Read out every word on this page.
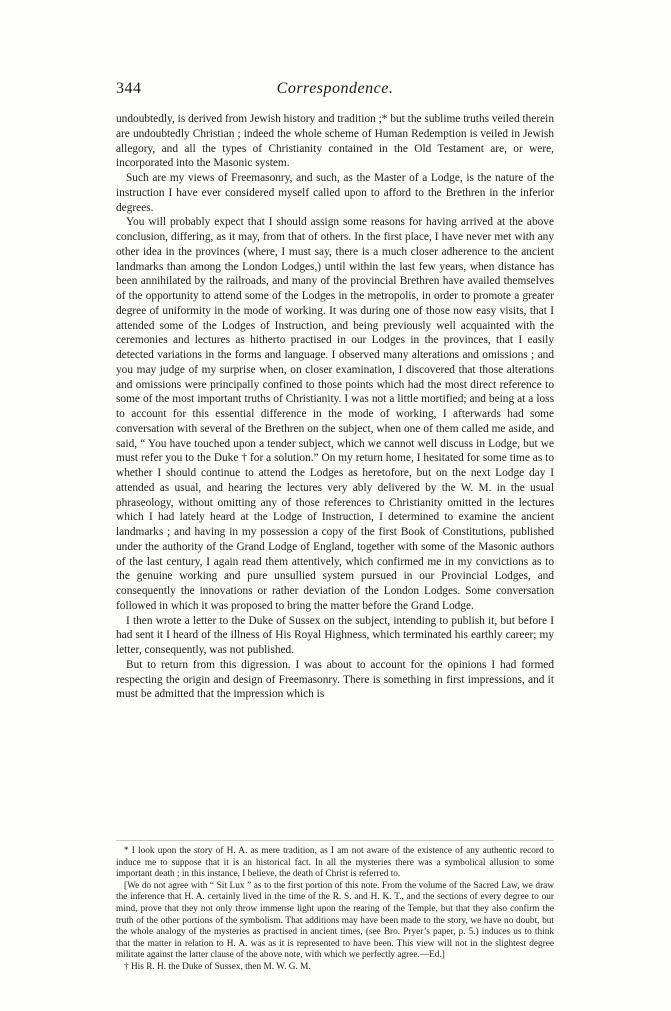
344	Correspondence.

undoubtedly, is derived from Jewish history and tradition ;* but the sublime truths veiled therein are undoubtedly Christian ; indeed the whole scheme of Human Redemption is veiled in Jewish allegory, and all the types of Christianity contained in the Old Testament are, or were, incorporated into the Masonic system.

Such are my views of Freemasonry, and such, as the Master of a Lodge, is the nature of the instruction I have ever considered myself called upon to afford to the Brethren in the inferior degrees.

You will probably expect that I should assign some reasons for having arrived at the above conclusion, differing, as it may, from that of others. In the first place, I have never met with any other idea in the provinces (where, I must say, there is a much closer adherence to the ancient landmarks than among the London Lodges,) until within the last few years, when distance has been annihilated by the railroads, and many of the provincial Brethren have availed themselves of the opportunity to attend some of the Lodges in the metropolis, in order to promote a greater degree of uniformity in the mode of working. It was during one of those now easy visits, that I attended some of the Lodges of Instruction, and being previously well acquainted with the ceremonies and lectures as hitherto practised in our Lodges in the provinces, that I easily detected variations in the forms and language. I observed many alterations and omissions ; and you may judge of my surprise when, on closer examination, I discovered that those alterations and omissions were principally confined to those points which had the most direct reference to some of the most important truths of Christianity. I was not a little mortified; and being at a loss to account for this essential difference in the mode of working, I afterwards had some conversation with several of the Brethren on the subject, when one of them called me aside, and said, “ You have touched upon a tender subject, which we cannot well discuss in Lodge, but we must refer you to the Duke † for a solution.” On my return home, I hesitated for some time as to whether I should continue to attend the Lodges as heretofore, but on the next Lodge day I attended as usual, and hearing the lectures very ably delivered by the W. M. in the usual phraseology, without omitting any of those references to Christianity omitted in the lectures which I had lately heard at the Lodge of Instruction, I determined to examine the ancient landmarks ; and having in my possession a copy of the first Book of Constitutions, published under the authority of the Grand Lodge of England, together with some of the Masonic authors of the last century, I again read them attentively, which confirmed me in my convictions as to the genuine working and pure unsullied system pursued in our Provincial Lodges, and consequently the innovations or rather deviation of the London Lodges. Some conversation followed in which it was proposed to bring the matter before the Grand Lodge.

I then wrote a letter to the Duke of Sussex on the subject, intending to publish it, but before I had sent it I heard of the illness of His Royal Highness, which terminated his earthly career; my letter, consequently, was not published.

But to return from this digression. I was about to account for the opinions I had formed respecting the origin and design of Freemasonry. There is something in first impressions, and it must be admitted that the impression which is

* I look upon the story of H. A. as mere tradition, as I am not aware of the existence of any authentic record to induce me to suppose that it is an historical fact. In all the mysteries there was a symbolical allusion to some important death ; in this instance, I believe, the death of Christ is referred to.

[We do not agree with “ Sit Lux ” as to the first portion of this note. From the volume of the Sacred Law, we draw the inference that H. A. certainly lived in the time of the R. S. and H. K. T., and the sections of every degree to our mind, prove that they not only throw immense light upon the rearing of the Temple, but that they also confirm the truth of the other portions of the symbolism. That additions may have been made to the story, we have no doubt, but the whole analogy of the mysteries as practised in ancient times, (see Bro. Pryer’s paper, p. 5.) induces us to think that the matter in relation to H. A. was as it is represented to have been. This view will not in the slightest degree militate against the latter clause of the above note, with which we perfectly agree.—Ed.]

† His R. H. the Duke of Sussex, then M. W. G. M.
